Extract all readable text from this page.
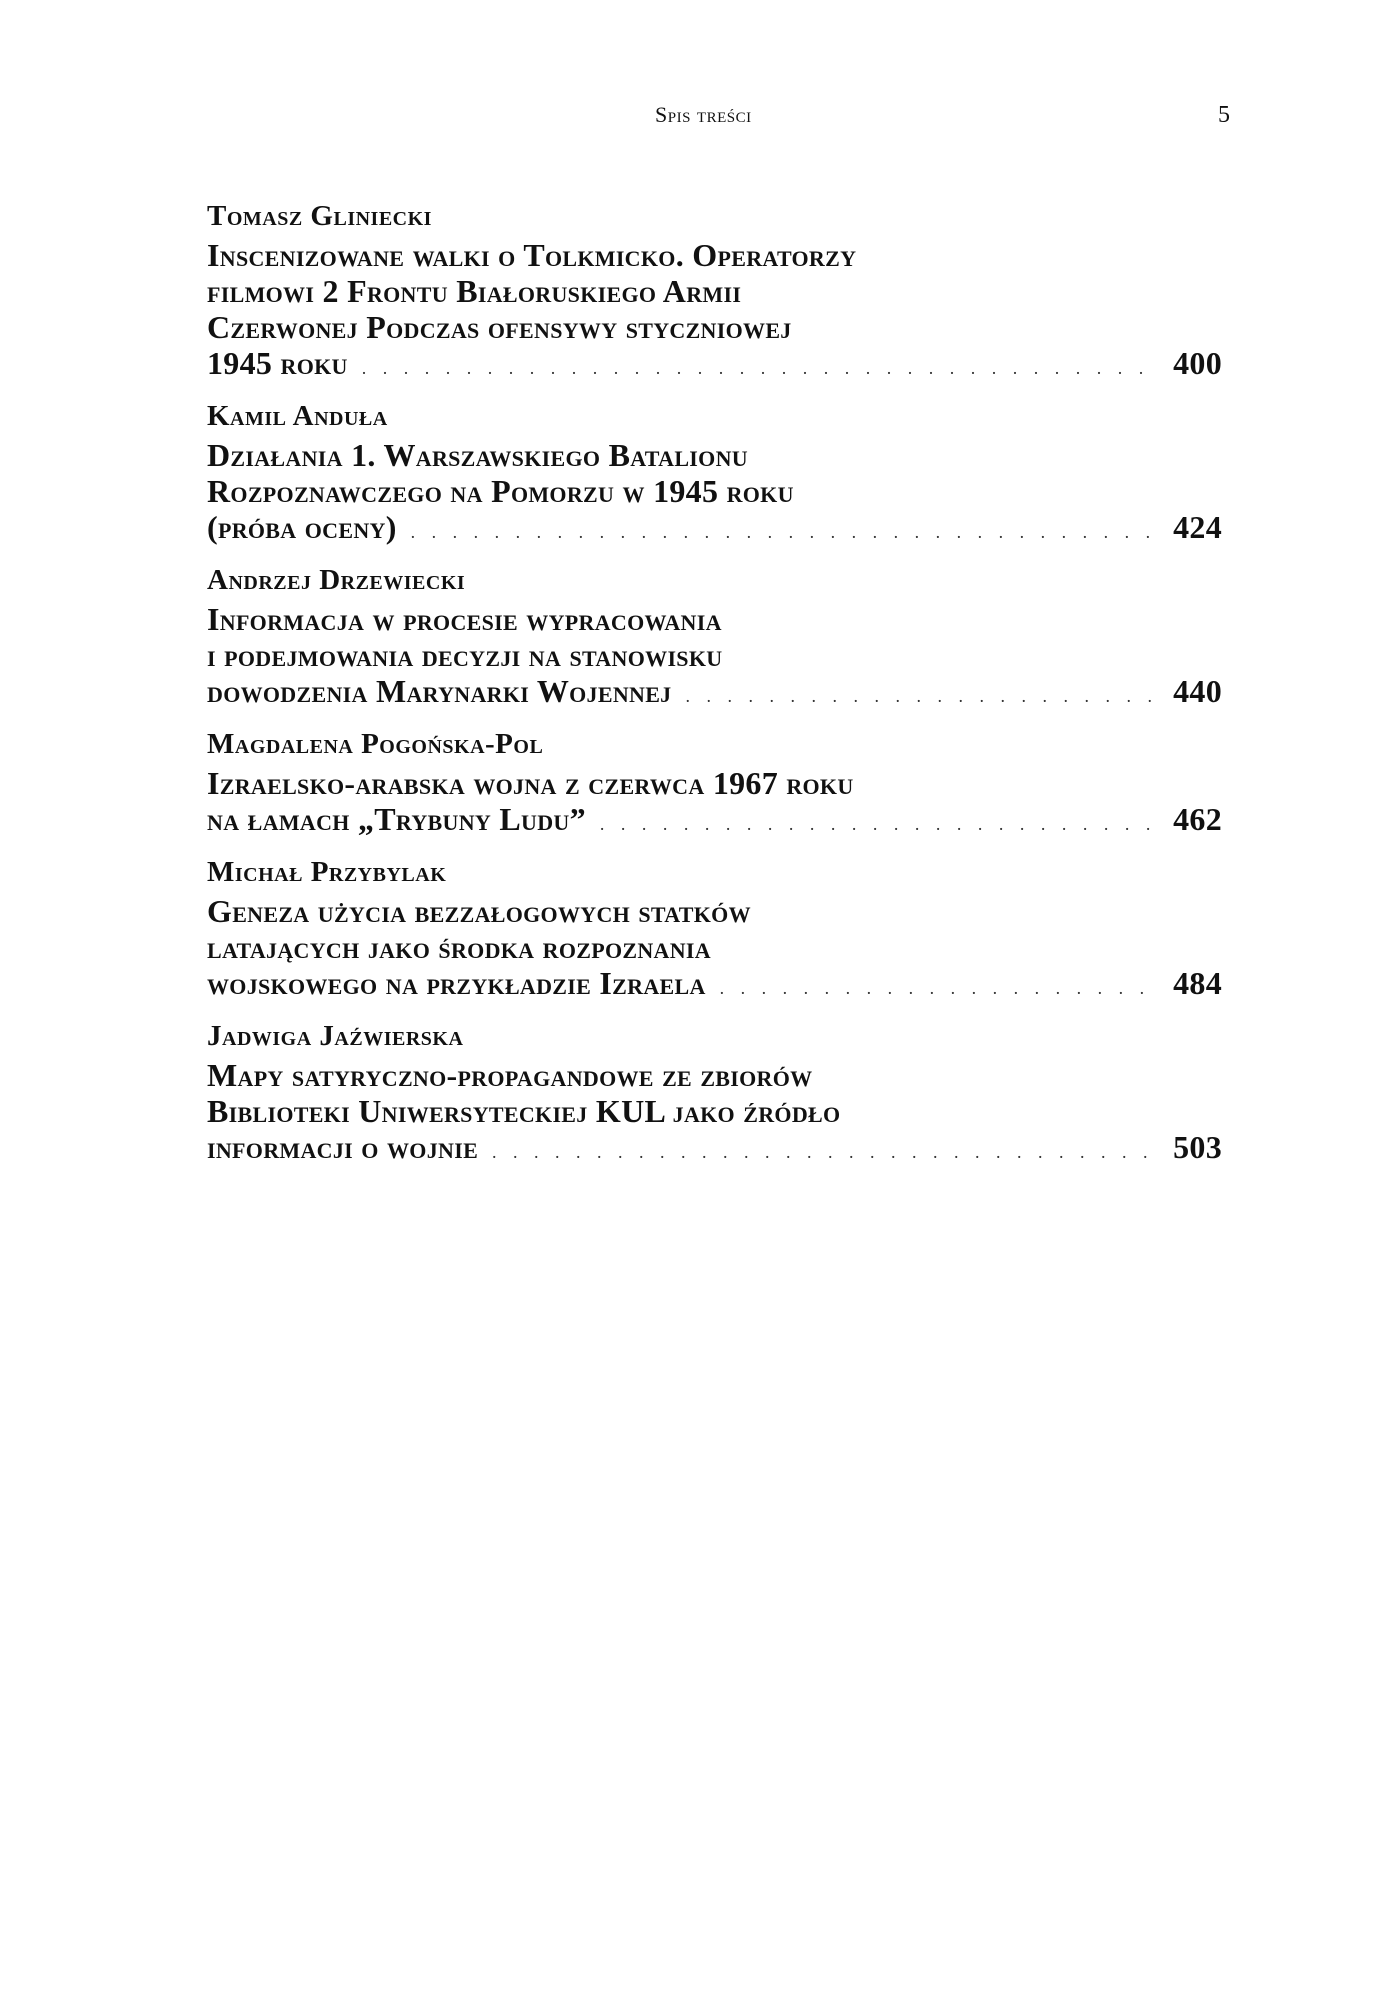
Spis treści	5
Tomasz Gliniecki
Inscenizowane walki o Tolkmicko. Operatorzy
filmowi 2 Frontu Białoruskiego Armii
Czerwonej Podczas ofensywy styczniowej
1945 roku . . .	400
Kamil Anduła
Działania 1. Warszawskiego Batalionu
Rozpoznawczego na Pomorzu w 1945 roku
(próba oceny) . . .	424
Andrzej Drzewiecki
Informacja w procesie wypracowania
i podejmowania decyzji na stanowisku
dowodzenia Marynarki Wojennej . . .	440
Magdalena Pogońska-Pol
Izraelsko-arabska wojna z czerwca 1967 roku
na łamach „Trybuny Ludu” . . .	462
Michał Przybylak
Geneza użycia bezzałogowych statków
latających jako środka rozpoznania
wojskowego na przykładzie Izraela . . .	484
Jadwiga Jaźwierska
Mapy satyryczno-propagandowe ze zbiorów
Biblioteki Uniwersyteckiej KUL jako źródło
informacji o wojnie . . .	503
